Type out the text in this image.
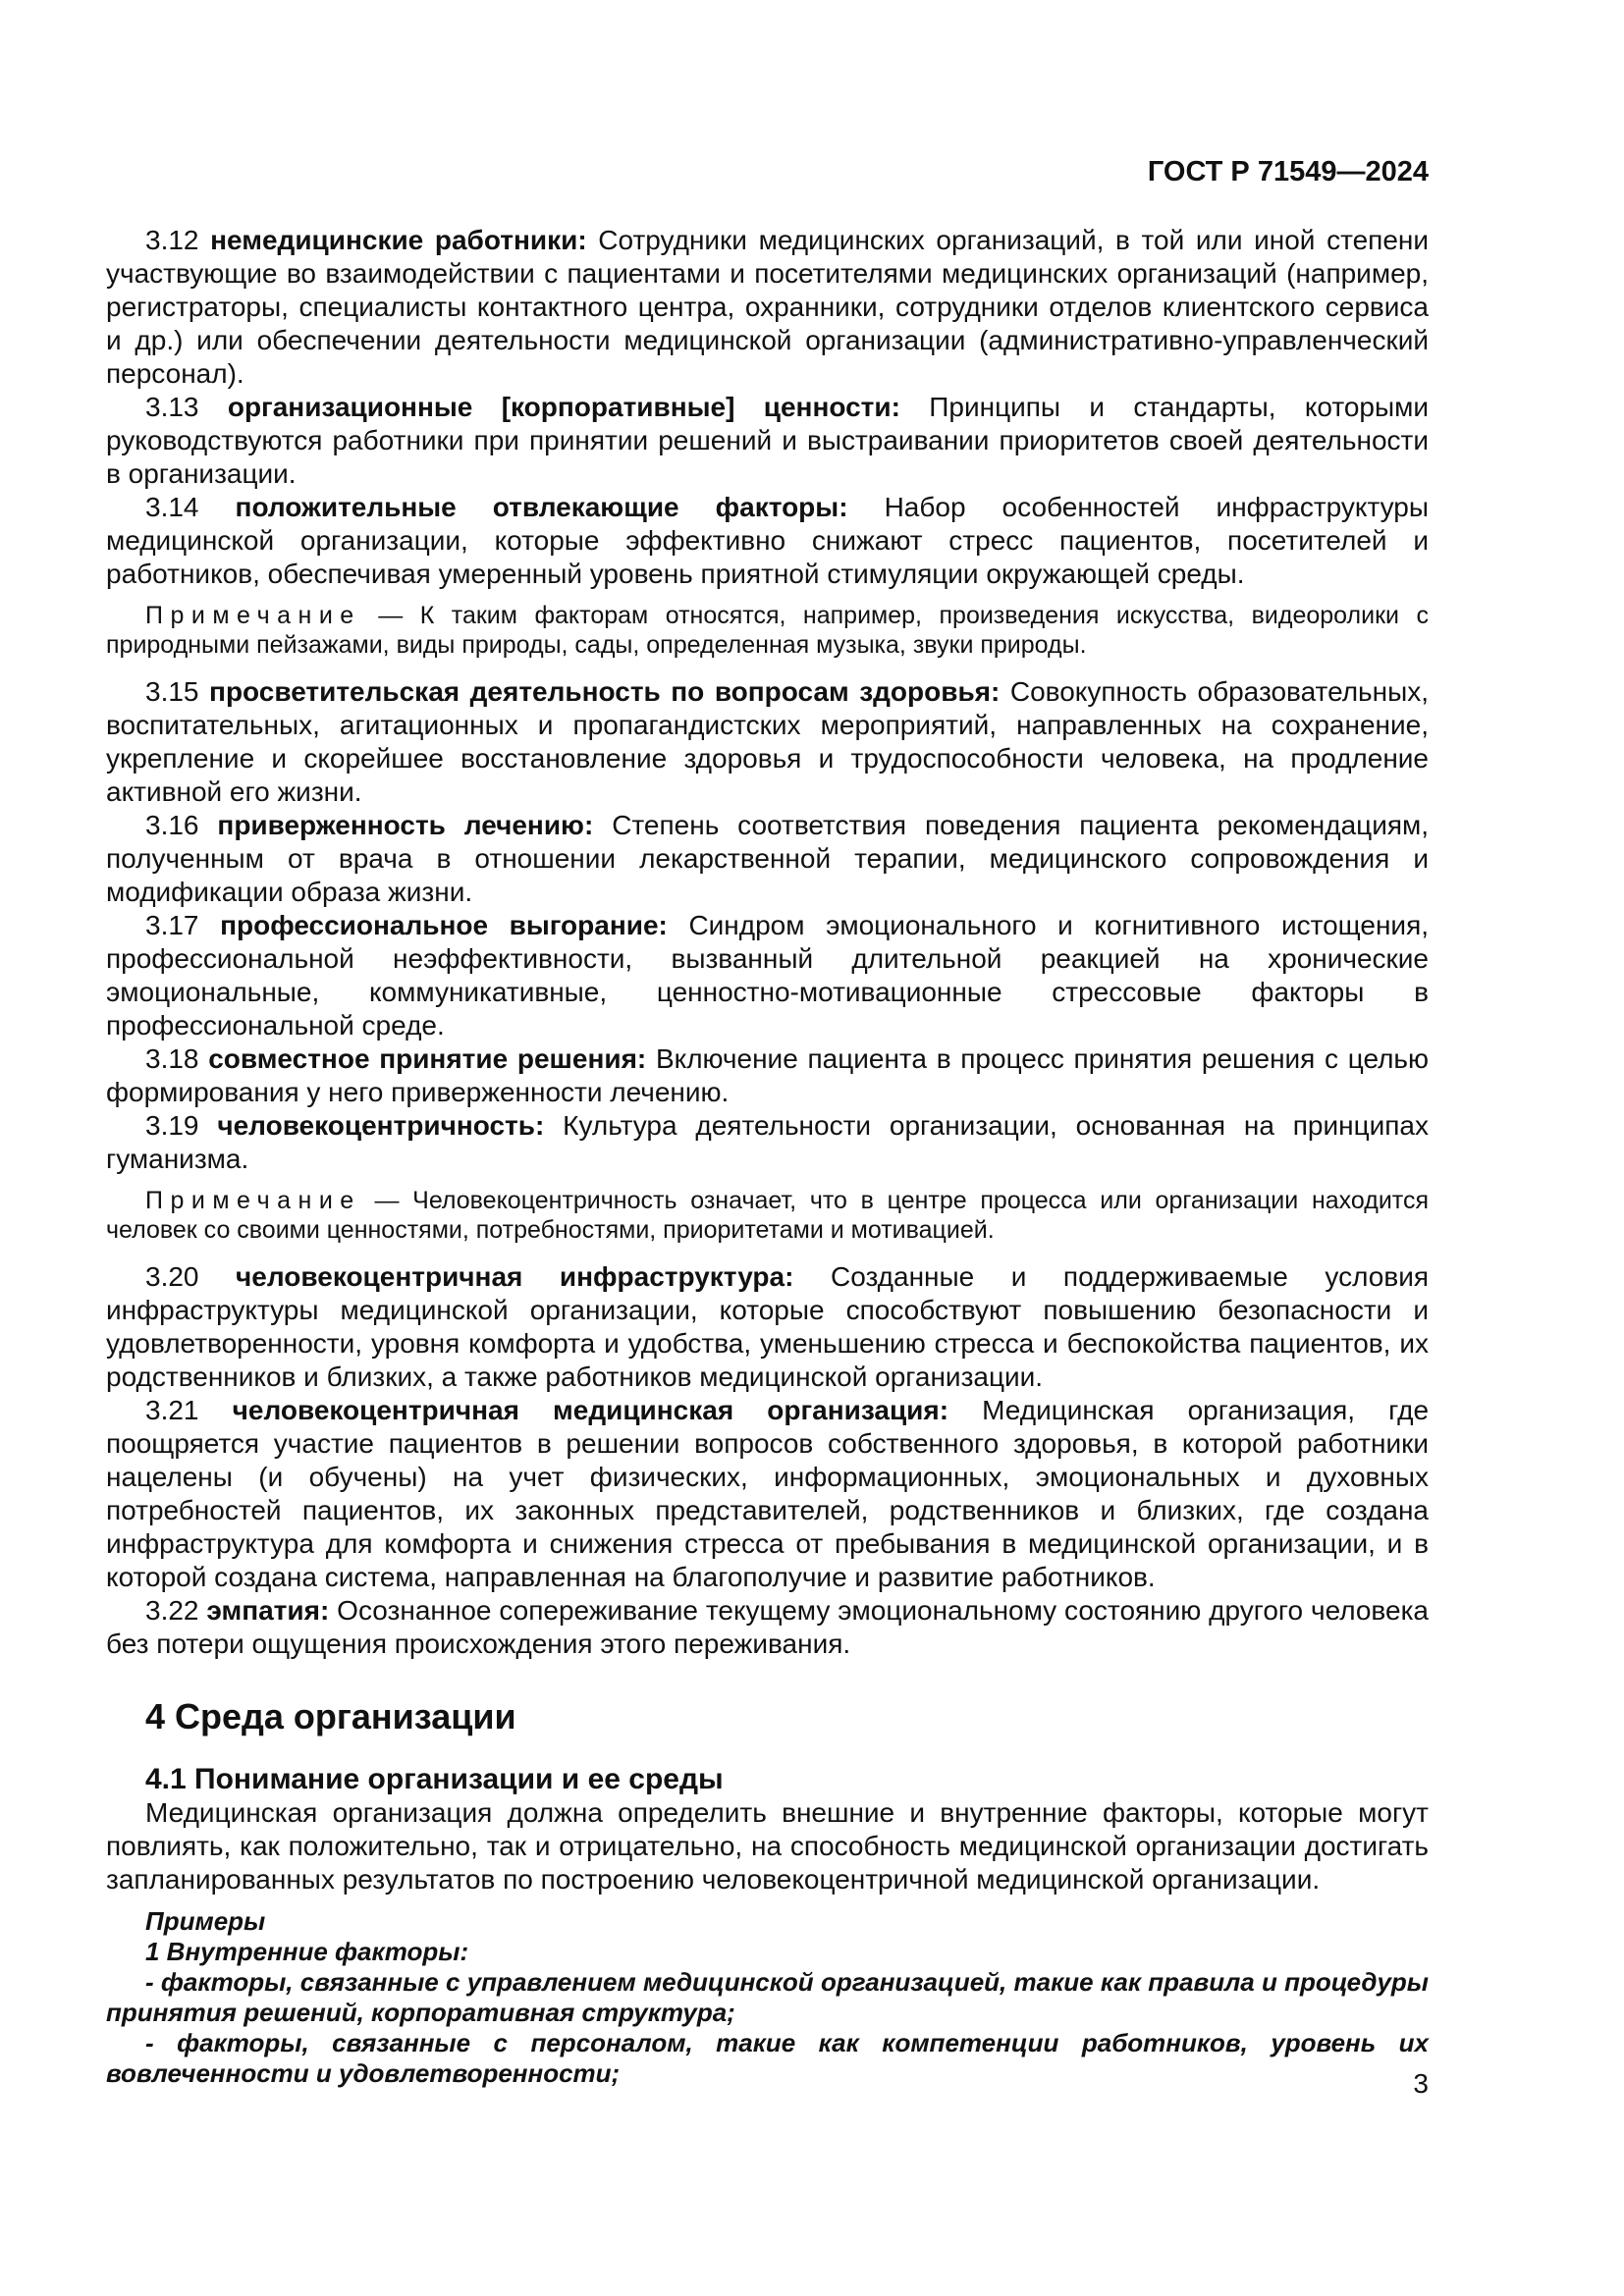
ГОСТ Р 71549—2024

3.12 немедицинские работники: Сотрудники медицинских организаций, в той или иной степени участвующие во взаимодействии с пациентами и посетителями медицинских организаций (например, регистраторы, специалисты контактного центра, охранники, сотрудники отделов клиентского сервиса и др.) или обеспечении деятельности медицинской организации (административно-управленческий персонал).

3.13 организационные [корпоративные] ценности: Принципы и стандарты, которыми руководствуются работники при принятии решений и выстраивании приоритетов своей деятельности в организации.

3.14 положительные отвлекающие факторы: Набор особенностей инфраструктуры медицинской организации, которые эффективно снижают стресс пациентов, посетителей и работников, обеспечивая умеренный уровень приятной стимуляции окружающей среды.

Примечание — К таким факторам относятся, например, произведения искусства, видеоролики с природными пейзажами, виды природы, сады, определенная музыка, звуки природы.

3.15 просветительская деятельность по вопросам здоровья: Совокупность образовательных, воспитательных, агитационных и пропагандистских мероприятий, направленных на сохранение, укрепление и скорейшее восстановление здоровья и трудоспособности человека, на продление активной его жизни.

3.16 приверженность лечению: Степень соответствия поведения пациента рекомендациям, полученным от врача в отношении лекарственной терапии, медицинского сопровождения и модификации образа жизни.

3.17 профессиональное выгорание: Синдром эмоционального и когнитивного истощения, профессиональной неэффективности, вызванный длительной реакцией на хронические эмоциональные, коммуникативные, ценностно-мотивационные стрессовые факторы в профессиональной среде.

3.18 совместное принятие решения: Включение пациента в процесс принятия решения с целью формирования у него приверженности лечению.

3.19 человекоцентричность: Культура деятельности организации, основанная на принципах гуманизма.

Примечание — Человекоцентричность означает, что в центре процесса или организации находится человек со своими ценностями, потребностями, приоритетами и мотивацией.

3.20 человекоцентричная инфраструктура: Созданные и поддерживаемые условия инфраструктуры медицинской организации, которые способствуют повышению безопасности и удовлетворенности, уровня комфорта и удобства, уменьшению стресса и беспокойства пациентов, их родственников и близких, а также работников медицинской организации.

3.21 человекоцентричная медицинская организация: Медицинская организация, где поощряется участие пациентов в решении вопросов собственного здоровья, в которой работники нацелены (и обучены) на учет физических, информационных, эмоциональных и духовных потребностей пациентов, их законных представителей, родственников и близких, где создана инфраструктура для комфорта и снижения стресса от пребывания в медицинской организации, и в которой создана система, направленная на благополучие и развитие работников.

3.22 эмпатия: Осознанное сопереживание текущему эмоциональному состоянию другого человека без потери ощущения происхождения этого переживания.

4 Среда организации
4.1 Понимание организации и ее среды

Медицинская организация должна определить внешние и внутренние факторы, которые могут повлиять, как положительно, так и отрицательно, на способность медицинской организации достигать запланированных результатов по построению человекоцентричной медицинской организации.

Примеры

1 Внутренние факторы:

- факторы, связанные с управлением медицинской организацией, такие как правила и процедуры принятия решений, корпоративная структура;

- факторы, связанные с персоналом, такие как компетенции работников, уровень их вовлеченности и удовлетворенности;	3
